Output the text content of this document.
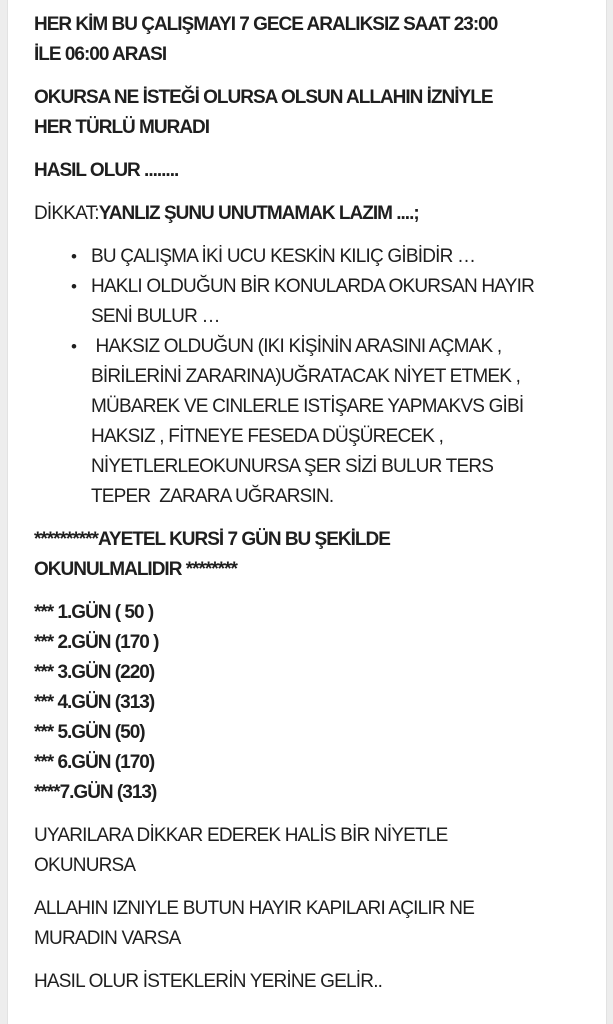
HER KİM BU ÇALIŞMAYI 7 GECE ARALIKSIZ SAAT 23:00
İLE 06:00 ARASI
OKURSA NE İSTEĞİ OLURSA OLSUN ALLAHIN İZNİYLE
HER TÜRLÜ MURADI
HASIL OLUR ........
DİKKAT:YANLIZ ŞUNU UNUTMAMAK LAZIM ....;
• BU ÇALIŞMA İKİ UCU KESKİN KILIÇ GİBİDİR …
• HAKLI OLDUĞUN BİR KONULARDA OKURSAN HAYIR
SENİ BULUR …
• HAKSIZ OLDUĞUN (IKI KİŞİNİN ARASINI AÇMAK ,
BİRİLERİNİ ZARARINA)UĞRATACAK NİYET ETMEK ,
MÜBAREK VE CINLERLE ISTİŞARE YAPMAKVS GİBİ
HAKSIZ , FİTNEYE FESEDA DÜŞÜRECEK ,
NİYETLERLEOKUNURSA ŞER SİZİ BULUR TERS
TEPER  ZARARA UĞRARSIN.
**********AYETEL KURSİ 7 GÜN BU ŞEKİLDE
OKUNULMALIDIR ********
*** 1.GÜN ( 50 )
*** 2.GÜN (170 )
*** 3.GÜN (220)
*** 4.GÜN (313)
*** 5.GÜN (50)
*** 6.GÜN (170)
****7.GÜN (313)
UYARILARA DİKKAR EDEREK HALİS BİR NİYETLE
OKUNURSA
ALLAHIN IZNIYLE BUTUN HAYIR KAPILARI AÇILIR NE
MURADIN VARSA
HASIL OLUR İSTEKLERİN YERİNE GELİR..
